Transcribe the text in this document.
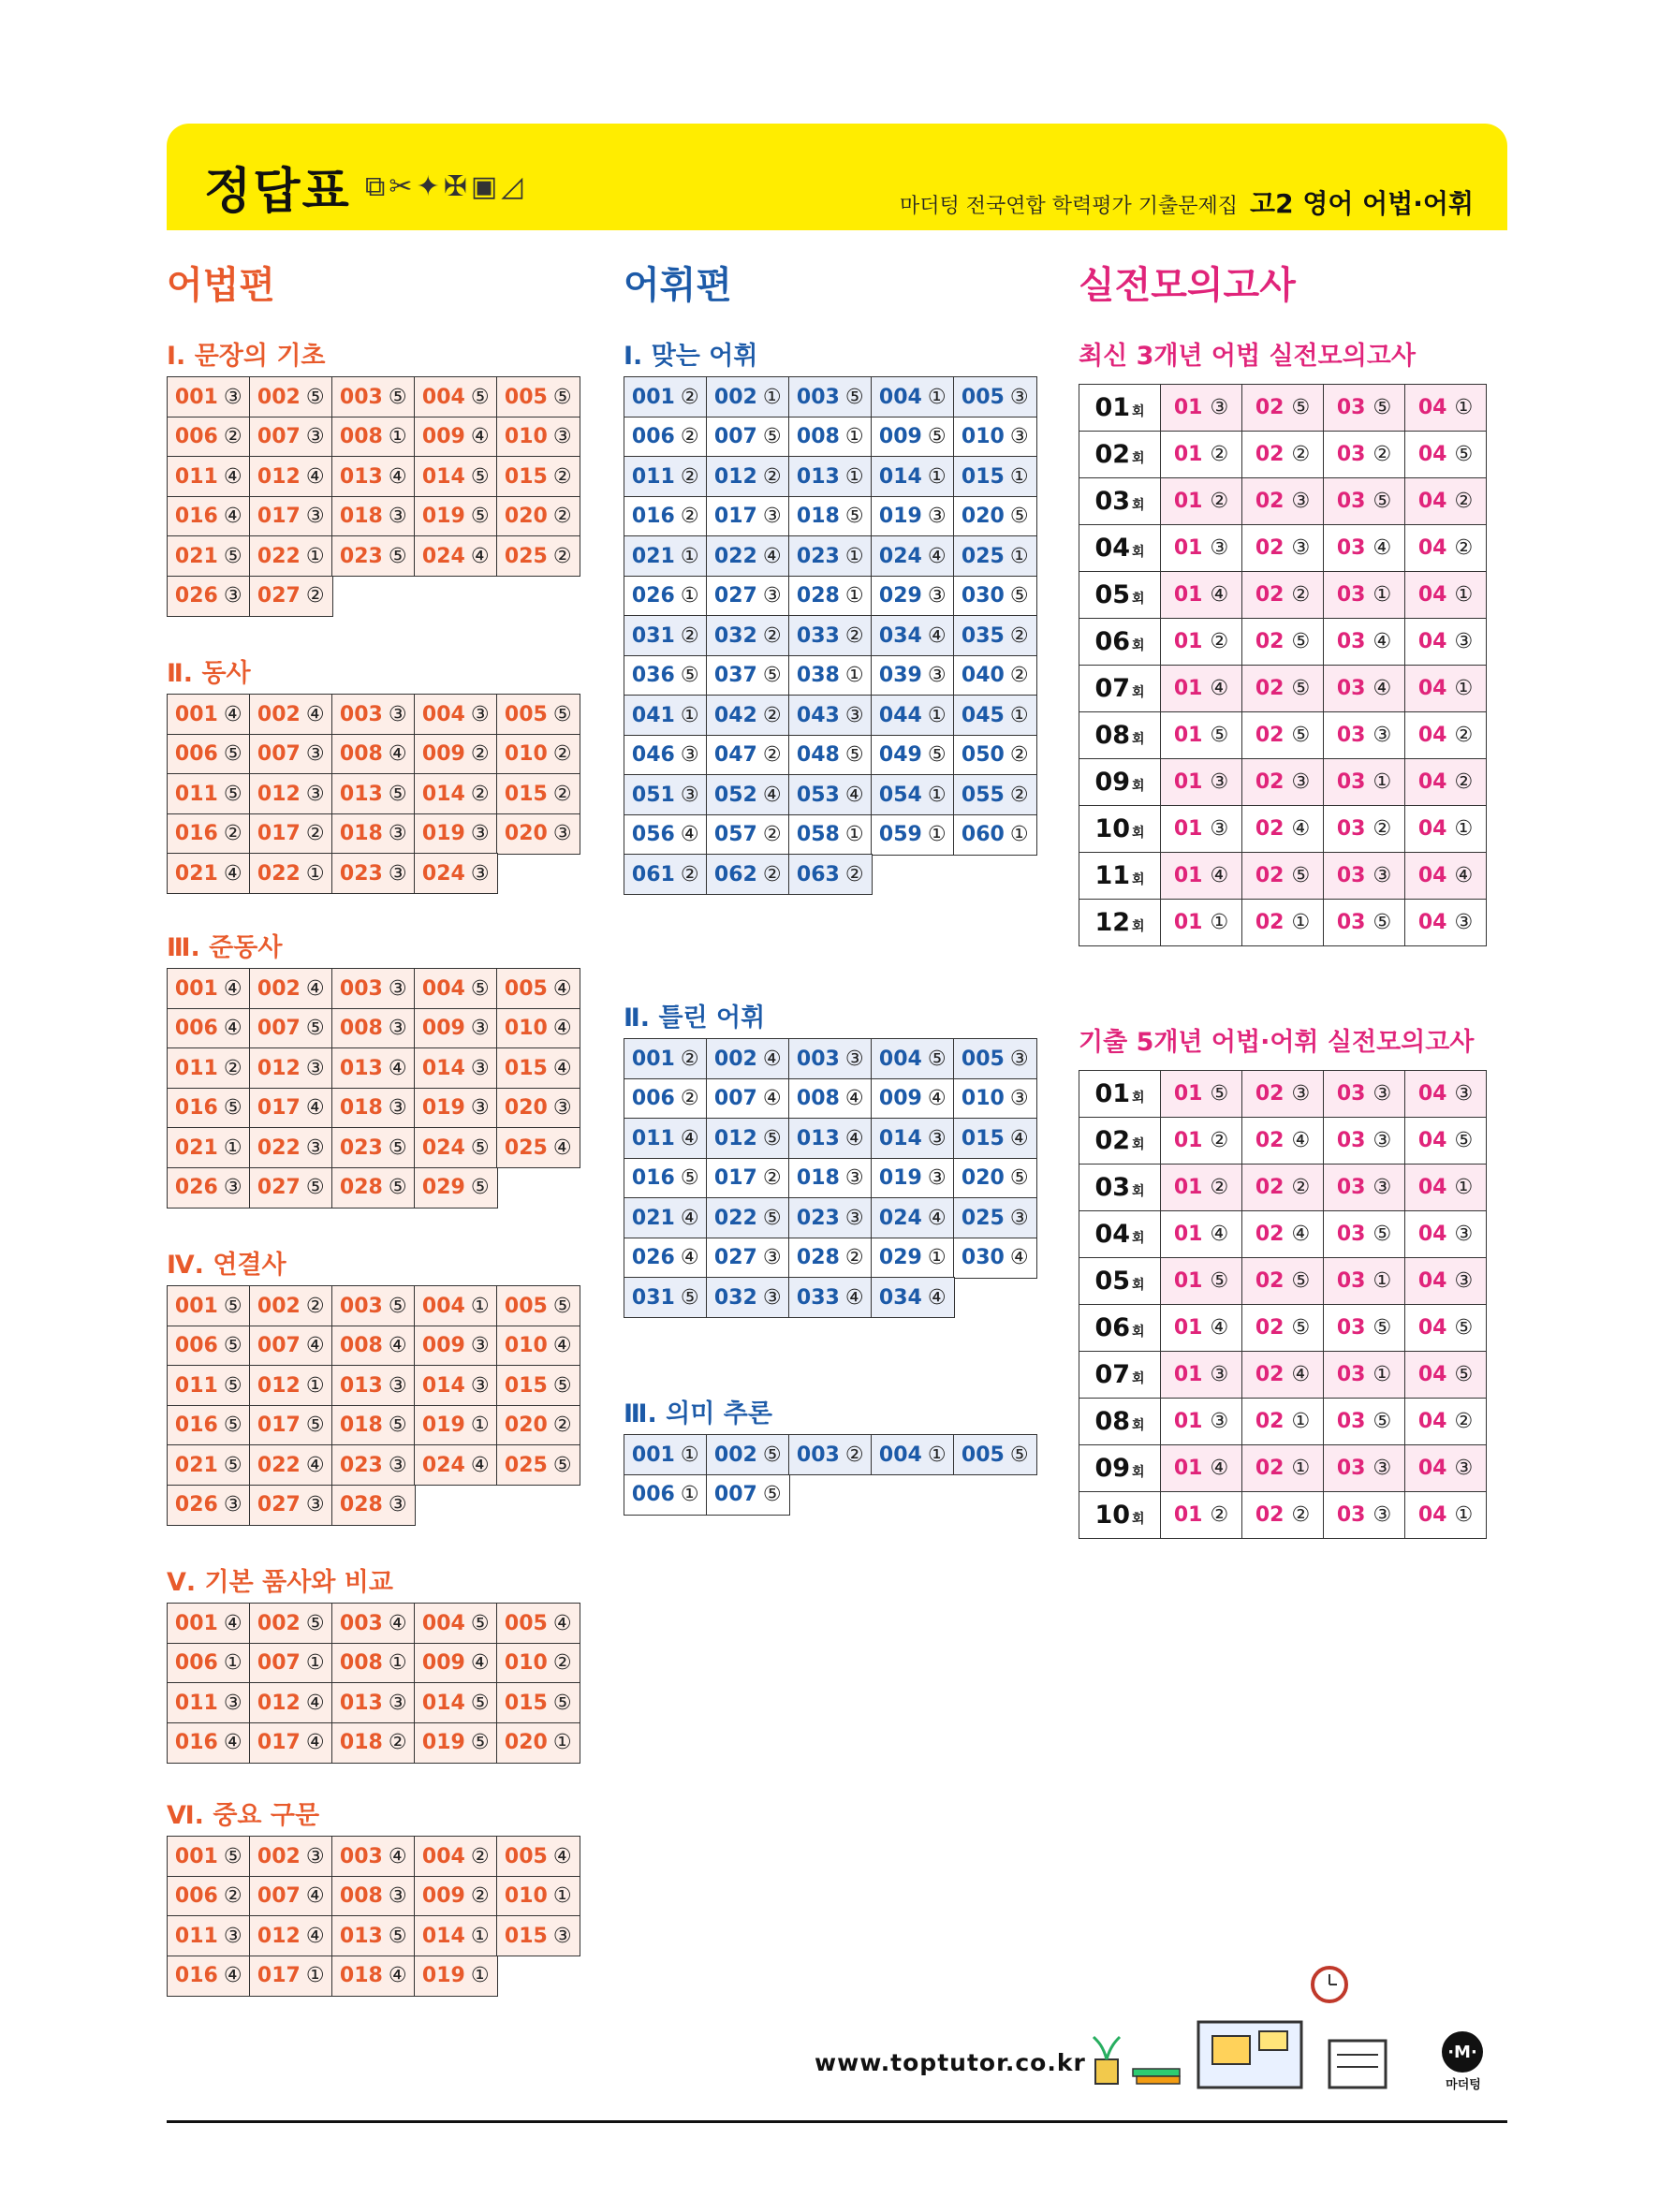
정답표 ⧉ ✂ ✦ ✠ ▣ ◿
마더텅 전국연합 학력평가 기출문제집 고2 영어 어법·어휘
어법편	어휘편	실전모의고사
Ⅰ. 문장의 기초
001 ③ 002 ⑤ 003 ⑤ 004 ⑤ 005 ⑤
006 ② 007 ③ 008 ① 009 ④ 010 ③
011 ④ 012 ④ 013 ④ 014 ⑤ 015 ②
016 ④ 017 ③ 018 ③ 019 ⑤ 020 ②
021 ⑤ 022 ① 023 ⑤ 024 ④ 025 ②
026 ③ 027 ②
Ⅱ. 동사
001 ④ 002 ④ 003 ③ 004 ③ 005 ⑤
006 ⑤ 007 ③ 008 ④ 009 ② 010 ②
011 ⑤ 012 ③ 013 ⑤ 014 ② 015 ②
016 ② 017 ② 018 ③ 019 ③ 020 ③
021 ④ 022 ① 023 ③ 024 ③
Ⅲ. 준동사
001 ④ 002 ④ 003 ③ 004 ⑤ 005 ④
006 ④ 007 ⑤ 008 ③ 009 ③ 010 ④
011 ② 012 ③ 013 ④ 014 ③ 015 ④
016 ⑤ 017 ④ 018 ③ 019 ③ 020 ③
021 ① 022 ③ 023 ⑤ 024 ⑤ 025 ④
026 ③ 027 ⑤ 028 ⑤ 029 ⑤
Ⅳ. 연결사
001 ⑤ 002 ② 003 ⑤ 004 ① 005 ⑤
006 ⑤ 007 ④ 008 ④ 009 ③ 010 ④
011 ⑤ 012 ① 013 ③ 014 ③ 015 ⑤
016 ⑤ 017 ⑤ 018 ⑤ 019 ① 020 ②
021 ⑤ 022 ④ 023 ③ 024 ④ 025 ⑤
026 ③ 027 ③ 028 ③
Ⅴ. 기본 품사와 비교
001 ④ 002 ⑤ 003 ④ 004 ⑤ 005 ④
006 ① 007 ① 008 ① 009 ④ 010 ②
011 ③ 012 ④ 013 ③ 014 ⑤ 015 ⑤
016 ④ 017 ④ 018 ② 019 ⑤ 020 ①
Ⅵ. 중요 구문
001 ⑤ 002 ③ 003 ④ 004 ② 005 ④
006 ② 007 ④ 008 ③ 009 ② 010 ①
011 ③ 012 ④ 013 ⑤ 014 ① 015 ③
016 ④ 017 ① 018 ④ 019 ①
Ⅰ. 맞는 어휘
001 ② 002 ① 003 ⑤ 004 ① 005 ③
006 ② 007 ⑤ 008 ① 009 ⑤ 010 ③
011 ② 012 ② 013 ① 014 ① 015 ①
016 ② 017 ③ 018 ⑤ 019 ③ 020 ⑤
021 ① 022 ④ 023 ① 024 ④ 025 ①
026 ① 027 ③ 028 ① 029 ③ 030 ⑤
031 ② 032 ② 033 ② 034 ④ 035 ②
036 ⑤ 037 ⑤ 038 ① 039 ③ 040 ②
041 ① 042 ② 043 ③ 044 ① 045 ①
046 ③ 047 ② 048 ⑤ 049 ⑤ 050 ②
051 ③ 052 ④ 053 ④ 054 ① 055 ②
056 ④ 057 ② 058 ① 059 ① 060 ①
061 ② 062 ② 063 ②
Ⅱ. 틀린 어휘
001 ② 002 ④ 003 ③ 004 ⑤ 005 ③
006 ② 007 ④ 008 ④ 009 ④ 010 ③
011 ④ 012 ⑤ 013 ④ 014 ③ 015 ④
016 ⑤ 017 ② 018 ③ 019 ③ 020 ⑤
021 ④ 022 ⑤ 023 ③ 024 ④ 025 ③
026 ④ 027 ③ 028 ② 029 ① 030 ④
031 ⑤ 032 ③ 033 ④ 034 ④
Ⅲ. 의미 추론
001 ① 002 ⑤ 003 ② 004 ① 005 ⑤
006 ① 007 ⑤
최신 3개년 어법 실전모의고사
01 회	01 ③	02 ⑤	03 ⑤	04 ①
02 회	01 ②	02 ②	03 ②	04 ⑤
03 회	01 ②	02 ③	03 ⑤	04 ②
04 회	01 ③	02 ③	03 ④	04 ②
05 회	01 ④	02 ②	03 ①	04 ①
06 회	01 ②	02 ⑤	03 ④	04 ③
07 회	01 ④	02 ⑤	03 ④	04 ①
08 회	01 ⑤	02 ⑤	03 ③	04 ②
09 회	01 ③	02 ③	03 ①	04 ②
10 회	01 ③	02 ④	03 ②	04 ①
11 회	01 ④	02 ⑤	03 ③	04 ④
12 회	01 ①	02 ①	03 ⑤	04 ③
기출 5개년 어법·어휘 실전모의고사
01 회	01 ⑤	02 ③	03 ③	04 ③
02 회	01 ②	02 ④	03 ③	04 ⑤
03 회	01 ②	02 ②	03 ③	04 ①
04 회	01 ④	02 ④	03 ⑤	04 ③
05 회	01 ⑤	02 ⑤	03 ①	04 ③
06 회	01 ④	02 ⑤	03 ⑤	04 ⑤
07 회	01 ③	02 ④	03 ①	04 ⑤
08 회	01 ③	02 ①	03 ⑤	04 ②
09 회	01 ④	02 ①	03 ③	04 ③
10 회	01 ②	02 ②	03 ③	04 ①
www.toptutor.co.kr	·M·
마더텅
